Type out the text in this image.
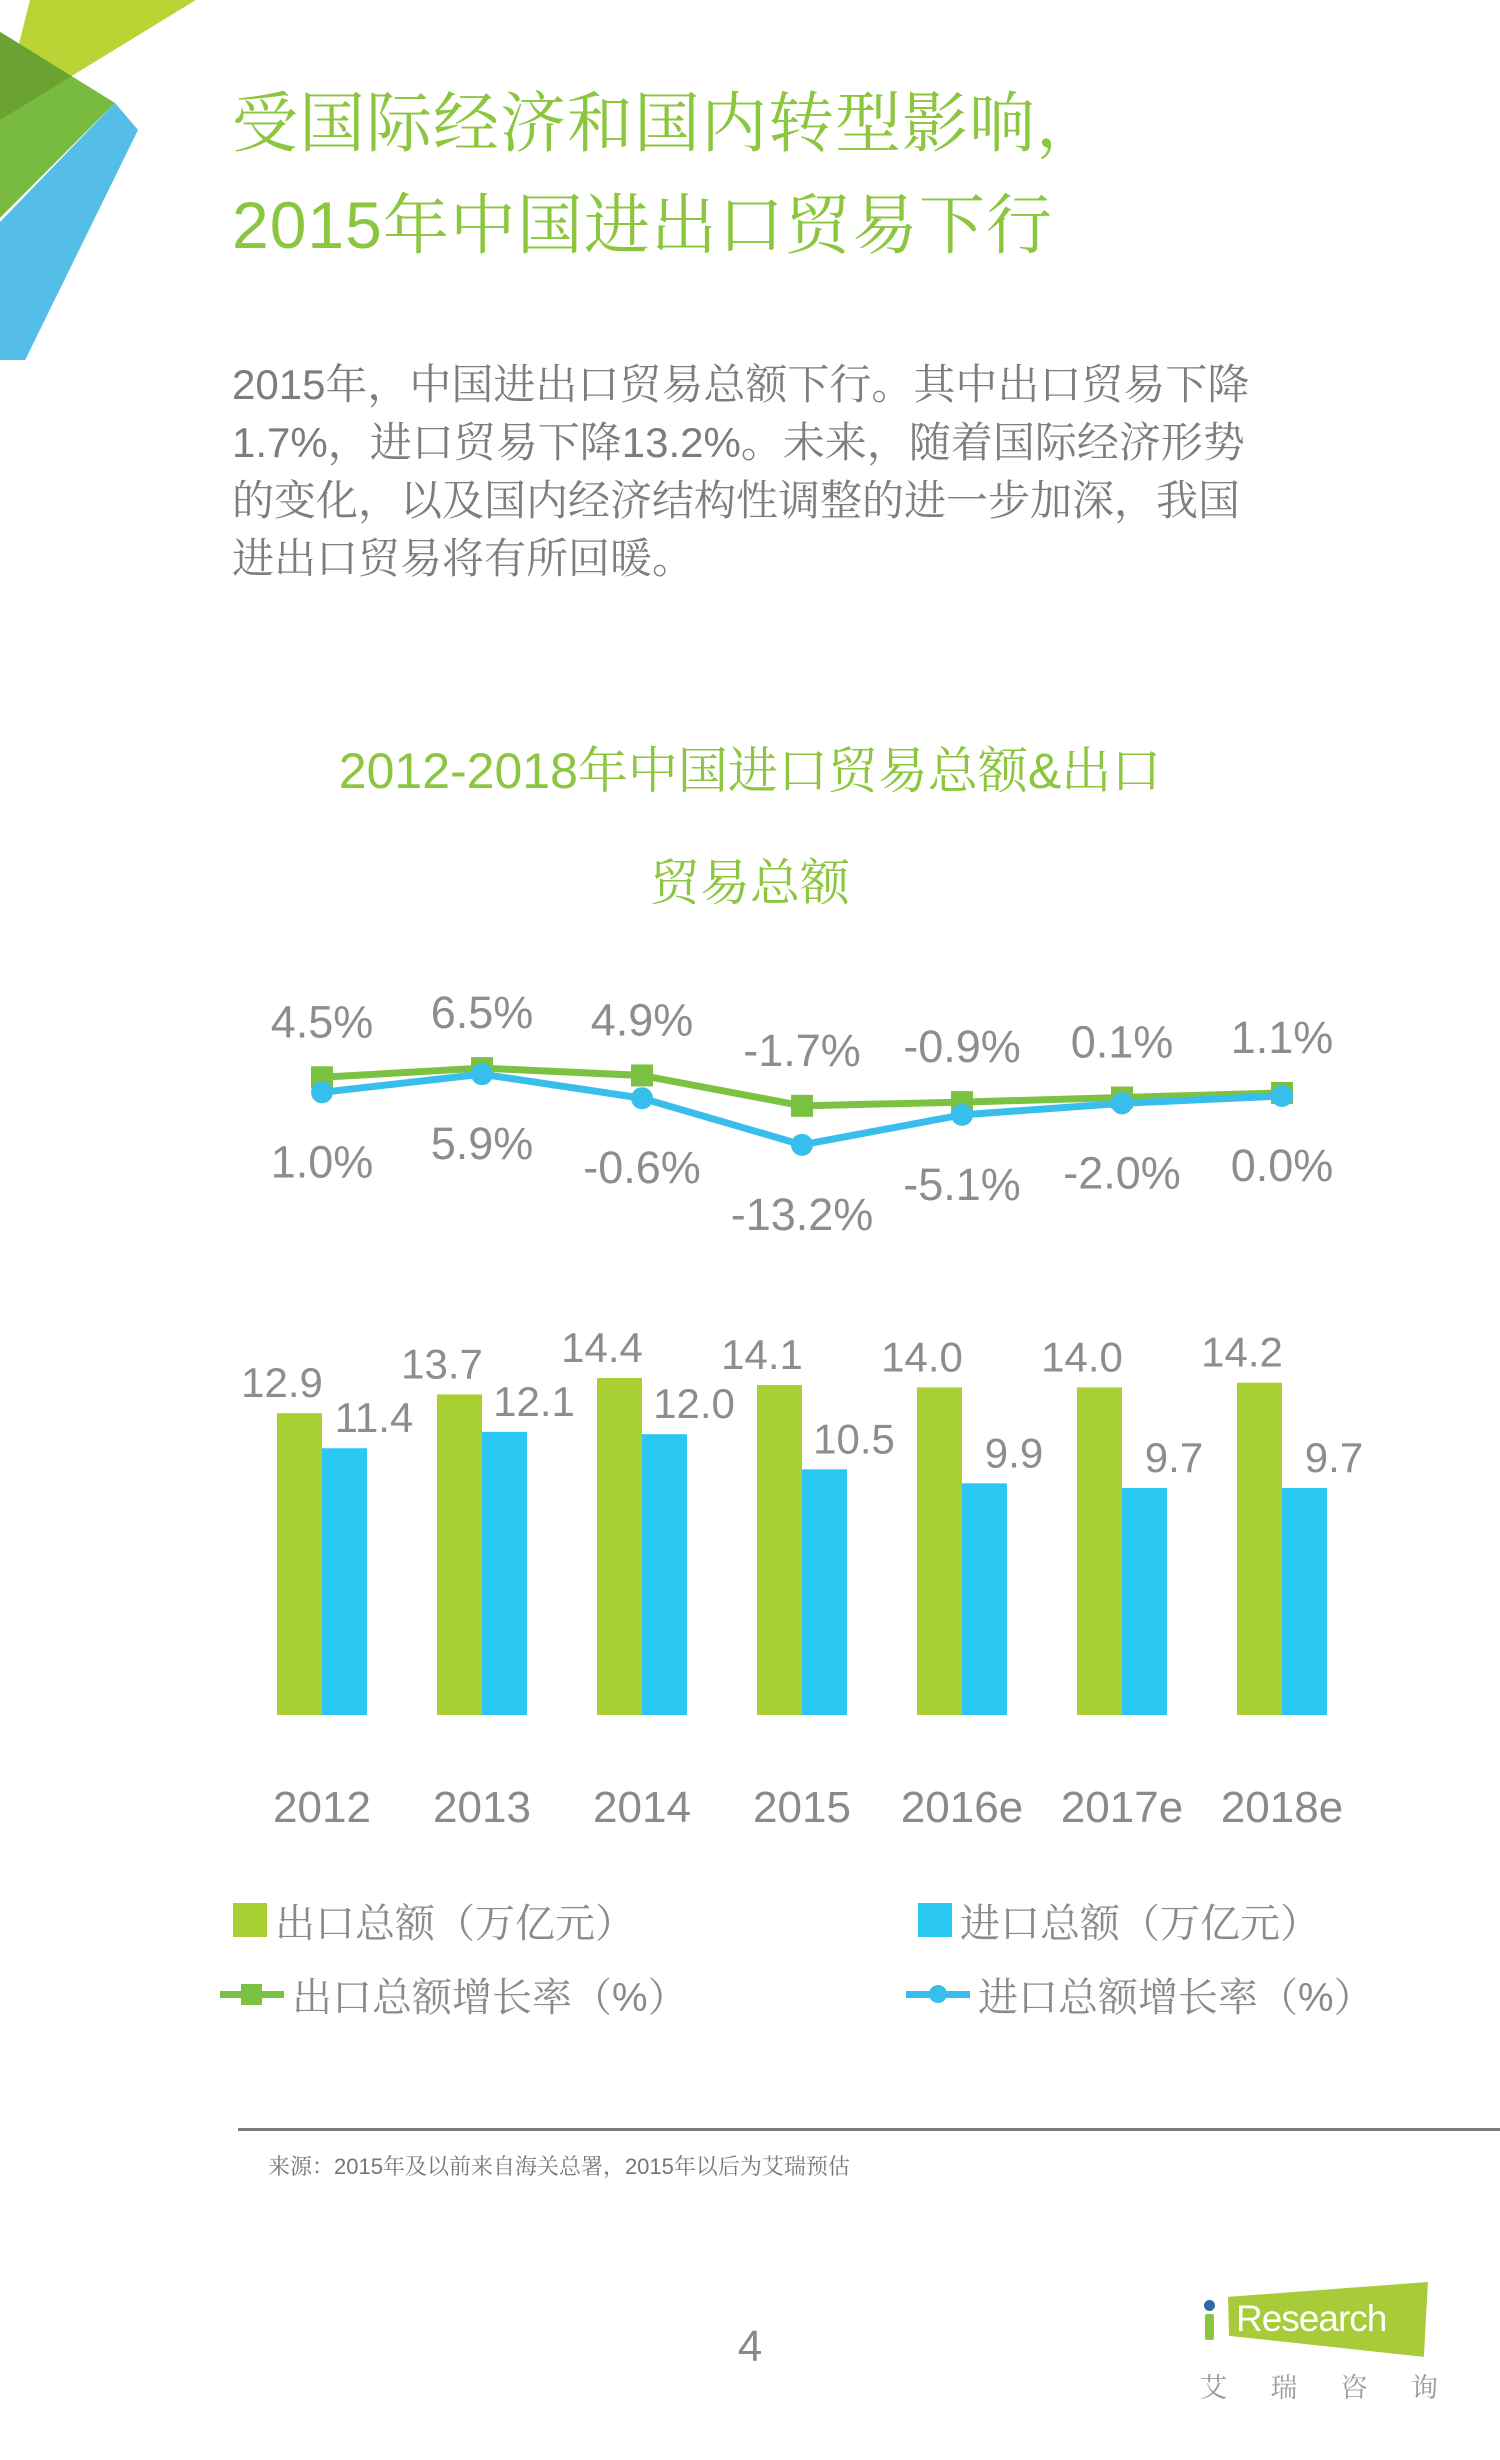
受国际经济和国内转型影响，
2015年中国进出口贸易下行
2015年，中国进出口贸易总额下行。其中出口贸易下降
1.7%，进口贸易下降13.2%。未来，随着国际经济形势
的变化，以及国内经济结构性调整的进一步加深，我国
进出口贸易将有所回暖。
2012-2018年中国进口贸易总额&出口
贸易总额
12.9
11.4
2012
13.7
12.1
2013
14.4
12.0
2014
14.1
10.5
2015
14.0
9.9
2016e
14.0
9.7
2017e
14.2
9.7
2018e
4.5% 6.5% 4.9%
-1.7% -0.9% 0.1% 1.1%
1.0% 5.9% -0.6%
-13.2%
-5.1% -2.0% 0.0%
出口总额（万亿元）	进口总额（万亿元）
出口总额增长率（%）	进口总额增长率（%）
来源：2015年及以前来自海关总署，2015年以后为艾瑞预估
4
Research
艾 瑞 咨 询
